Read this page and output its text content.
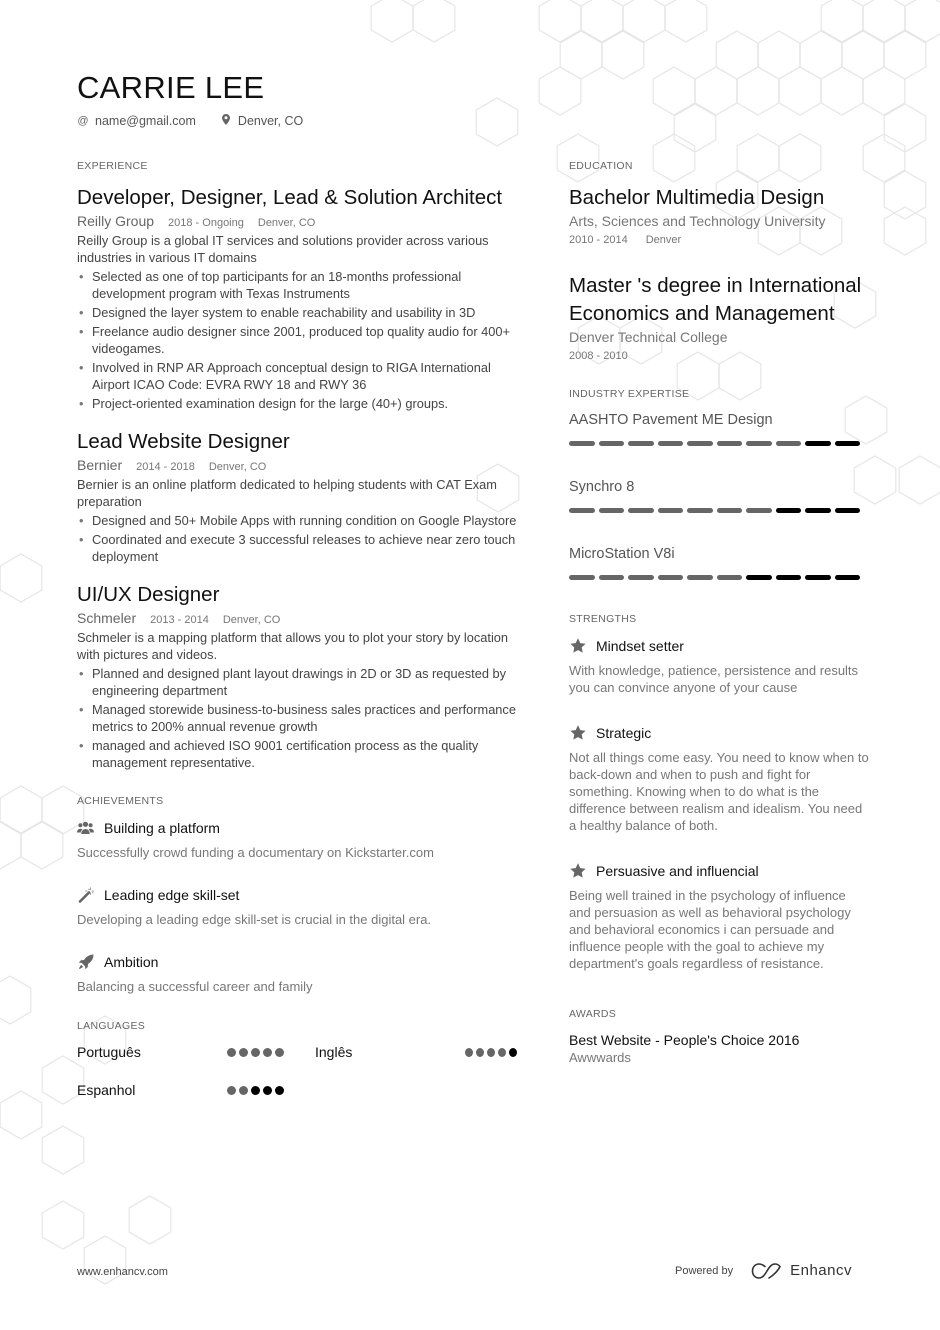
CARRIE LEE
@ name@gmail.com	Denver, CO
EXPERIENCE
Developer, Designer, Lead & Solution Architect
Reilly Group 2018 - Ongoing Denver, CO
Reilly Group is a global IT services and solutions provider across various industries in various IT domains
• Selected as one of top participants for an 18-months professional development program with Texas Instruments
• Designed the layer system to enable reachability and usability in 3D
• Freelance audio designer since 2001, produced top quality audio for 400+ videogames.
• Involved in RNP AR Approach conceptual design to RIGA International Airport ICAO Code: EVRA RWY 18 and RWY 36
• Project-oriented examination design for the large (40+) groups.
Lead Website Designer
Bernier 2014 - 2018 Denver, CO
Bernier is an online platform dedicated to helping students with CAT Exam preparation
• Designed and 50+ Mobile Apps with running condition on Google Playstore
• Coordinated and execute 3 successful releases to achieve near zero touch deployment
UI/UX Designer
Schmeler 2013 - 2014 Denver, CO
Schmeler is a mapping platform that allows you to plot your story by location with pictures and videos.
• Planned and designed plant layout drawings in 2D or 3D as requested by engineering department
• Managed storewide business-to-business sales practices and performance metrics to 200% annual revenue growth
• managed and achieved ISO 9001 certification process as the quality management representative.
ACHIEVEMENTS
Building a platform
Successfully crowd funding a documentary on Kickstarter.com
Leading edge skill-set
Developing a leading edge skill-set is crucial in the digital era.
Ambition
Balancing a successful career and family
LANGUAGES
Português	Inglês
Espanhol
EDUCATION
Bachelor Multimedia Design
Arts, Sciences and Technology University
2010 - 2014 Denver
Master 's degree in International Economics and Management
Denver Technical College
2008 - 2010
INDUSTRY EXPERTISE
AASHTO Pavement ME Design
Synchro 8
MicroStation V8i
STRENGTHS
Mindset setter
With knowledge, patience, persistence and results you can convince anyone of your cause
Strategic
Not all things come easy. You need to know when to back-down and when to push and fight for something. Knowing when to do what is the difference between realism and idealism. You need a healthy balance of both.
Persuasive and influencial
Being well trained in the psychology of influence and persuasion as well as behavioral psychology and behavioral economics i can persuade and influence people with the goal to achieve my department's goals regardless of resistance.
AWARDS
Best Website - People's Choice 2016
Awwwards
www.enhancv.com	Powered by	Enhancv
